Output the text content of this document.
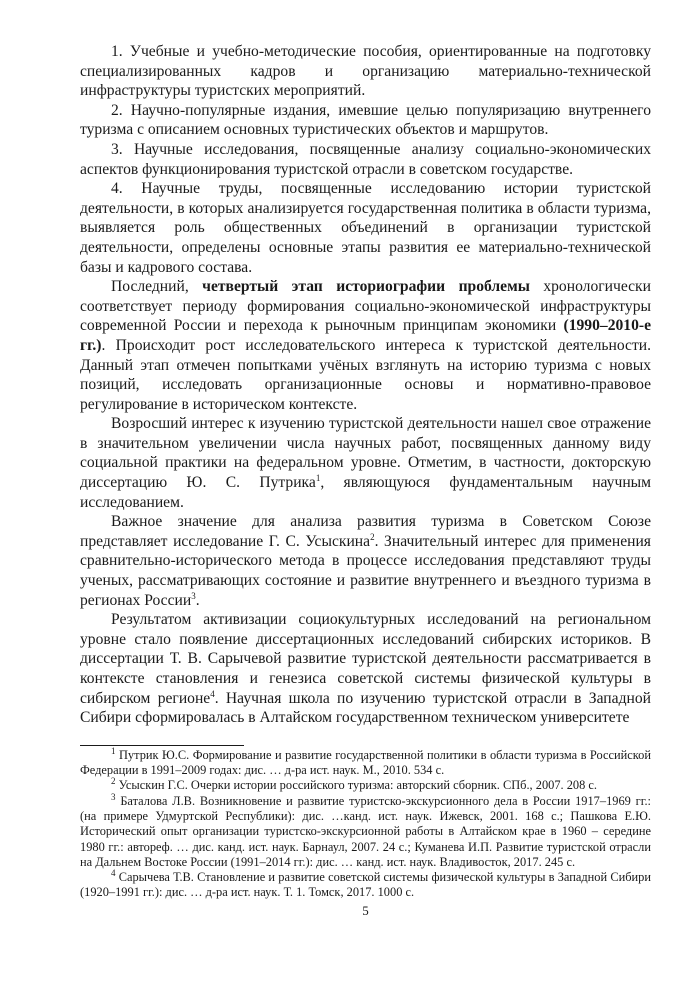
1. Учебные и учебно-методические пособия, ориентированные на подготовку специализированных кадров и организацию материально-технической инфраструктуры туристских мероприятий.

2. Научно-популярные издания, имевшие целью популяризацию внутреннего туризма с описанием основных туристических объектов и маршрутов.

3. Научные исследования, посвященные анализу социально-экономических аспектов функционирования туристской отрасли в советском государстве.

4. Научные труды, посвященные исследованию истории туристской деятельности, в которых анализируется государственная политика в области туризма, выявляется роль общественных объединений в организации туристской деятельности, определены основные этапы развития ее материально-технической базы и кадрового состава.

Последний, четвертый этап историографии проблемы хронологически соответствует периоду формирования социально-экономической инфраструктуры современной России и перехода к рыночным принципам экономики (1990–2010-е гг.). Происходит рост исследовательского интереса к туристской деятельности. Данный этап отмечен попытками учёных взглянуть на историю туризма с новых позиций, исследовать организационные основы и нормативно-правовое регулирование в историческом контексте.

Возросший интерес к изучению туристской деятельности нашел свое отражение в значительном увеличении числа научных работ, посвященных данному виду социальной практики на федеральном уровне. Отметим, в частности, докторскую диссертацию Ю. С. Путрика$^1$, являющуюся фундаментальным научным исследованием.

Важное значение для анализа развития туризма в Советском Союзе представляет исследование Г. С. Усыскина$^2$. Значительный интерес для применения сравнительно-исторического метода в процессе исследования представляют труды ученых, рассматривающих состояние и развитие внутреннего и въездного туризма в регионах России$^3$.

Результатом активизации социокультурных исследований на региональном уровне стало появление диссертационных исследований сибирских историков. В диссертации Т. В. Сарычевой развитие туристской деятельности рассматривается в контексте становления и генезиса советской системы физической культуры в сибирском регионе$^4$. Научная школа по изучению туристской отрасли в Западной Сибири сформировалась в Алтайском государственном техническом университете

$^1$ Путрик Ю.С. Формирование и развитие государственной политики в области туризма в Российской Федерации в 1991–2009 годах: дис. … д-ра ист. наук. М., 2010. 534 с.

$^2$ Усыскин Г.С. Очерки истории российского туризма: авторский сборник. СПб., 2007. 208 с.

$^3$ Баталова Л.В. Возникновение и развитие туристско-экскурсионного дела в России 1917–1969 гг.: (на примере Удмуртской Республики): дис. …канд. ист. наук. Ижевск, 2001. 168 с.; Пашкова Е.Ю. Исторический опыт организации туристско-экскурсионной работы в Алтайском крае в 1960 – середине 1980 гг.: автореф. … дис. канд. ист. наук. Барнаул, 2007. 24 с.; Куманева И.П. Развитие туристской отрасли на Дальнем Востоке России (1991–2014 гг.): дис. … канд. ист. наук. Владивосток, 2017. 245 с.

$^4$ Сарычева Т.В. Становление и развитие советской системы физической культуры в Западной Сибири (1920–1991 гг.): дис. … д-ра ист. наук. Т. 1. Томск, 2017. 1000 с.

5
